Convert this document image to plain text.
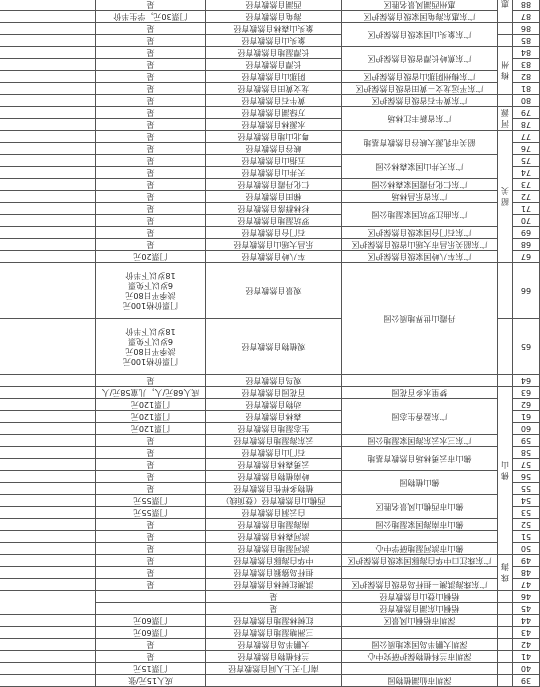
39		深圳市仙湖植物园		成人15元/张	
40			南门·天上人间自然教育径	门票15元	
41		深圳市兰科植物保护研究中心	兰科植物自然教育径	是	
42		深圳大鹏半岛国家地质公园	大鹏半岛自然教育径	是	
43			三洲塘湿地自然教育径	门票60元	
44		深圳市梧桐山风景区	红树林湿地自然教育径	门票60元	
45		梧桐山东湖自然教育径	是		
46		梧桐山登山自然教育径	是		
47	珠海	广东珠海淇澳－担杆岛省级自然保护区	淇澳红树林自然教育径	是	
48			担杆岛猕猴自然教育径	是	
49		广东珠江口中华白海豚国家级自然保护区	中华白海豚自然教育径	是	
50	佛山	佛山市滨河湿地研学中心	滨河湿地自然教育径	是	
51			滨河森林自然教育径	是	
52		佛山市南海国家湿地公园	南海湿地自然教育径	是	
53		佛山市西樵山风景名胜区	白云洞自然教育径	门票55元	
54			西樵山自然教育径（登顶线）	门票55元	
55		佛山植物园	植物多样性自然教育径	是	
56			岭南植物自然教育径	是	
57		佛山市云勇林场自然教育基地	云勇森林自然教育径	是	
58			石门山自然教育径	是	
59		广东三水云东海国家湿地公园	云东海湿地自然教育径	是	
60		广东盈香生态园	生态湿地自然教育径	门票120元	
61			森林自然教育径	门票120元	
62			动物自然教育径	门票120元	
63		梦里水乡百花园	百花园自然教育径	成人68元/人，儿童58元/人	
64			观鸟自然教育径	是	
65		丹霞山世界地质公园	观植物自然教育径	门票价格100元
淡季平日80元
6岁以下免票
18岁以下半价	

66			观景自然教育径	门票价格100元
淡季平日80元
6岁以下免票
18岁以下半价	

67	韶关	广东车八岭国家级自然保护区	车八岭自然教育径	门票20元	
68		广东韶关乐昌市大瑶山省级自然保护区	乐昌大瑶山自然教育径	是	
69		广东石门台国家级自然保护区	石门台自然教育径	是	
70		广东曲江罗坑国家湿地公园	罗坑湿地自然教育径	是	
71			杉林群落自然教育径	是	
72		广东省乐昌林场	梯田自然教育径	是	
73		广东仁化丹霞国家森林公园	仁化丹霞自然教育径	是	
74		广东天井山国家森林公园	天井山自然教育径	是	
75			五指山自然教育径	是	
76		韶关市乳源大峡谷自然教育基地	峡谷自然教育径	是	
77			粤北山地自然教育径	是	
78	河源	广东省新丰江林场	水源林自然教育径	是	
79			万绿湖自然教育径	是	
80		广东黄牛石省级自然保护区	黄牛石自然教育径	是	
81	梅州	广东平远龙文－黄田省级自然保护区	龙文黄田自然教育径	是	
82		广东梅州阴那山省级自然保护区	阴那山自然教育径	是	
83		广东蕉岭长潭省级自然保护区	长潭自然教育径	是	
84			长潭湿地自然教育径	是	
85		广东象头山国家级自然保护区	象头山自然教育径	是	
86			象头山森林自然教育径	是	
87	惠	广东惠东海龟国家级自然保护区	海龟自然教育径	门票30元，学生半价	
88		惠州西湖风景名胜区	西湖自然教育径	是	
